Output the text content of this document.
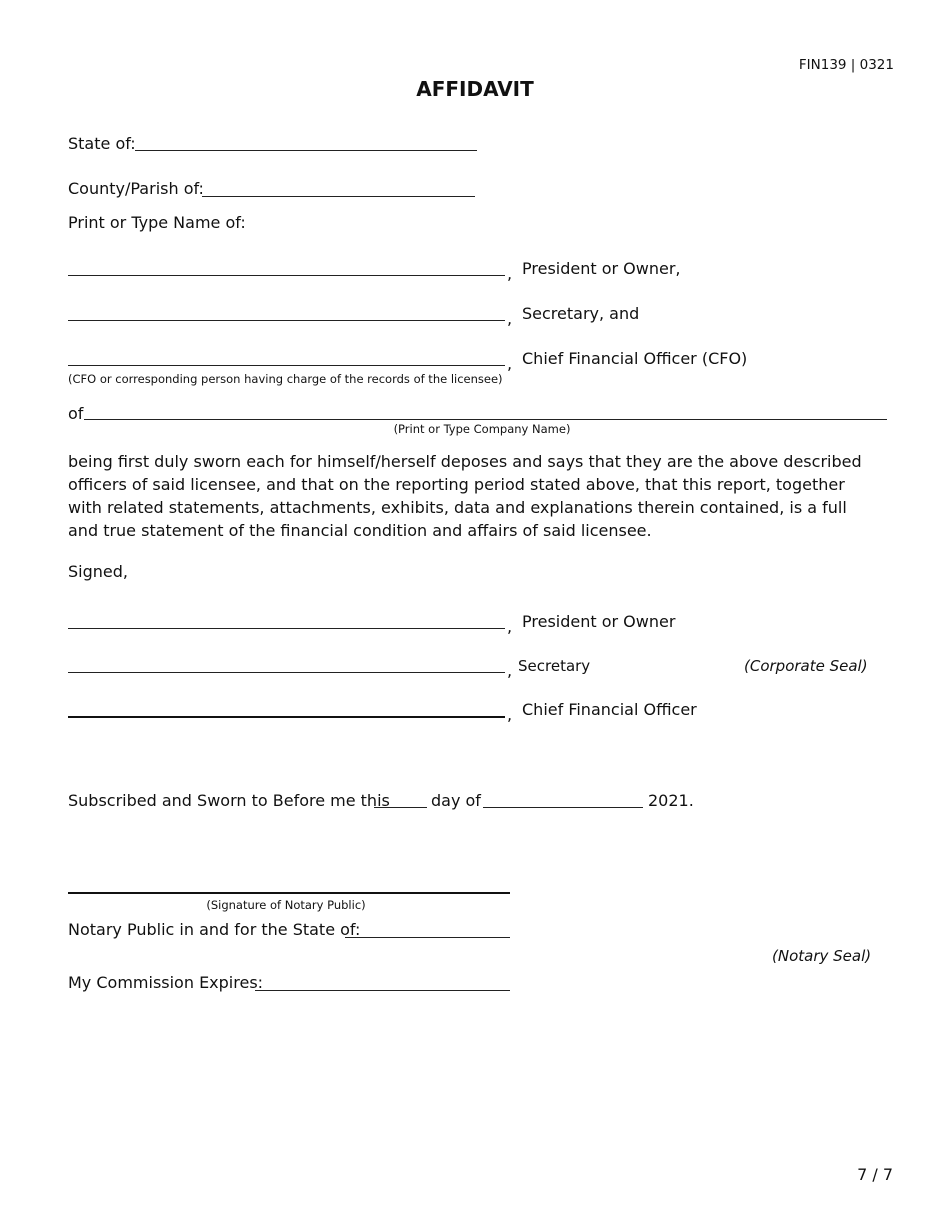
FIN139 | 0321
AFFIDAVIT
State of:
County/Parish of:
Print or Type Name of:
, President or Owner,
, Secretary, and
, Chief Financial Officer (CFO)
(CFO or corresponding person having charge of the records of the licensee)
of
(Print or Type Company Name)
being first duly sworn each for himself/herself deposes and says that they are the above described officers of said licensee, and that on the reporting period stated above, that this report, together with related statements, attachments, exhibits, data and explanations therein contained, is a full and true statement of the financial condition and affairs of said licensee.
Signed,
, President or Owner
, Secretary	(Corporate Seal)
, Chief Financial Officer
Subscribed and Sworn to Before me this	day of	2021.
(Signature of Notary Public)
Notary Public in and for the State of:
(Notary Seal)
My Commission Expires:
7 / 7
